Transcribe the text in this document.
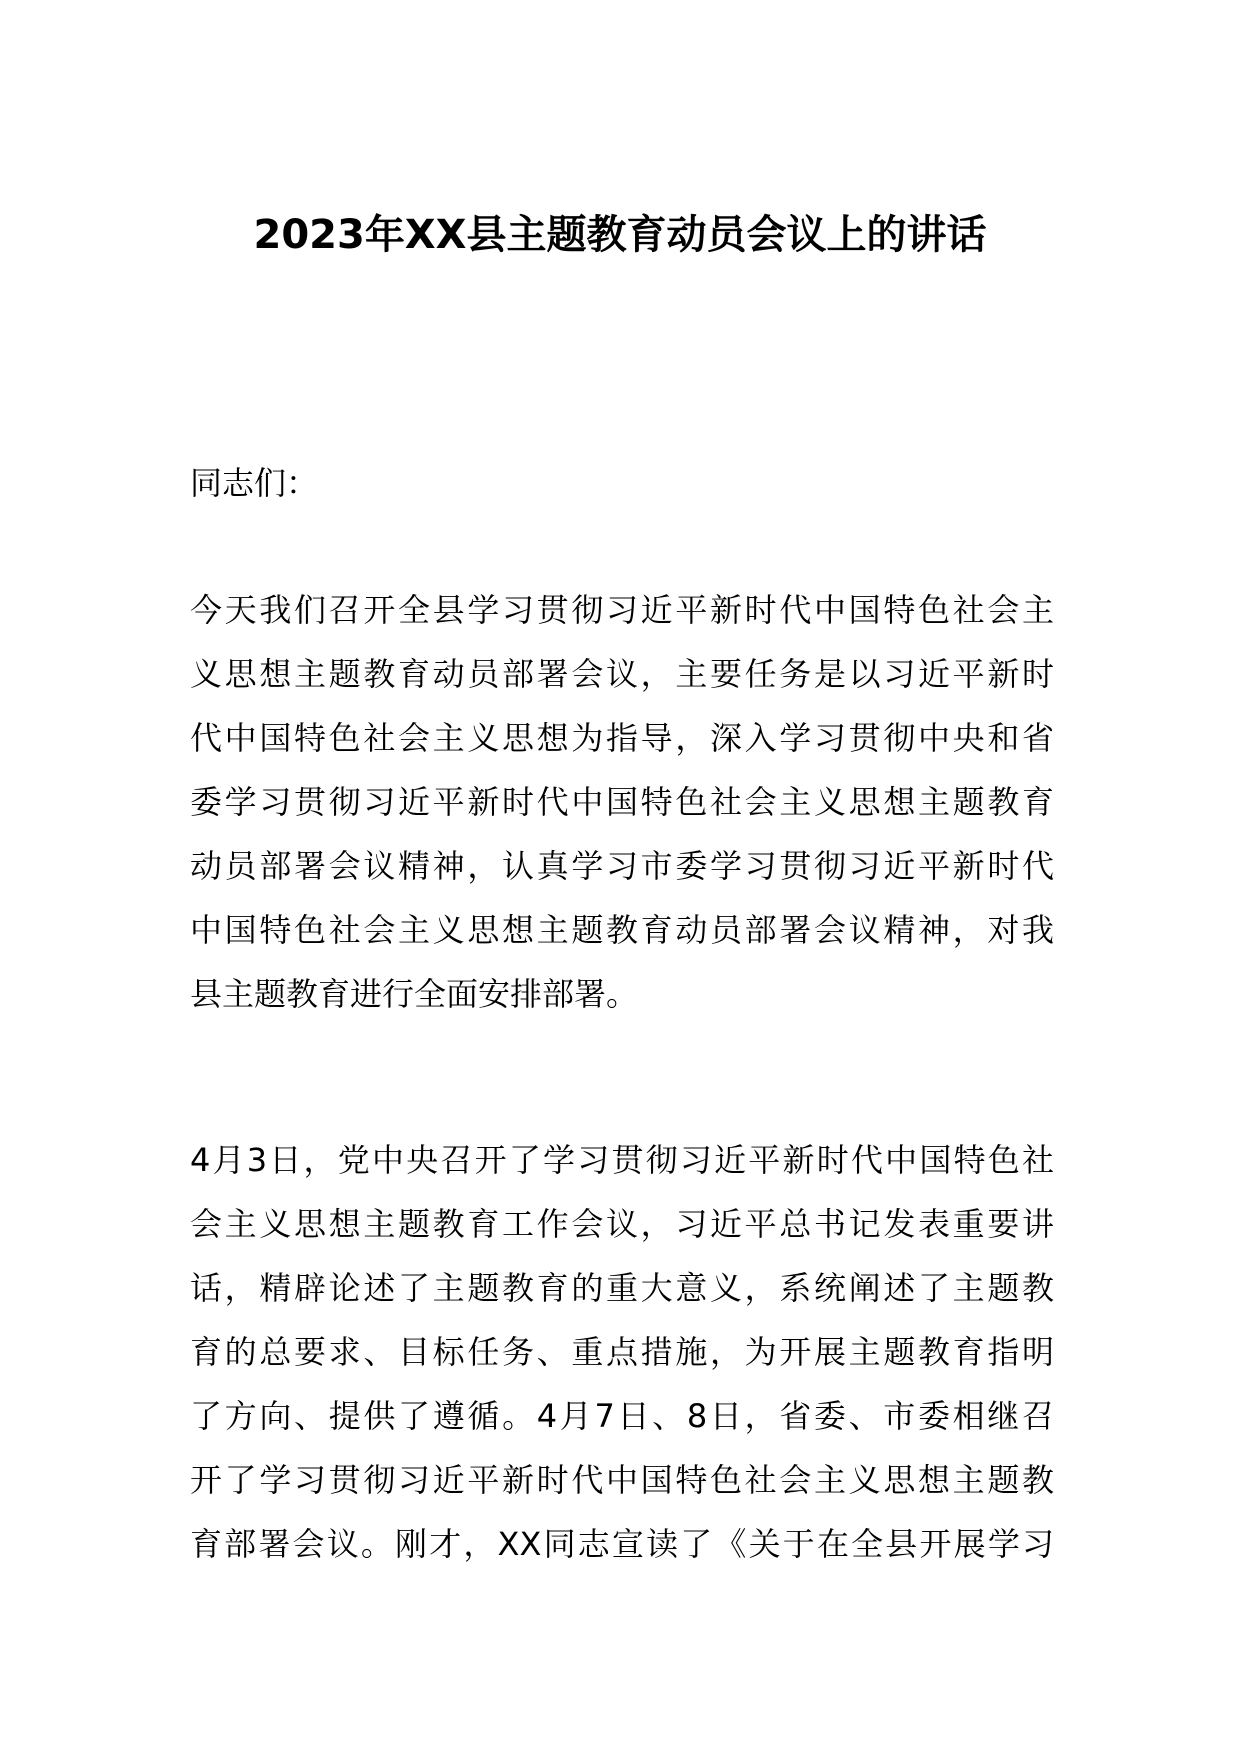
2023年XX县主题教育动员会议上的讲话
同志们：
今天我们召开全县学习贯彻习近平新时代中国特色社会主
义思想主题教育动员部署会议，主要任务是以习近平新时
代中国特色社会主义思想为指导，深入学习贯彻中央和省
委学习贯彻习近平新时代中国特色社会主义思想主题教育
动员部署会议精神，认真学习市委学习贯彻习近平新时代
中国特色社会主义思想主题教育动员部署会议精神，对我
县主题教育进行全面安排部署。
4月3日，党中央召开了学习贯彻习近平新时代中国特色社
会主义思想主题教育工作会议，习近平总书记发表重要讲
话，精辟论述了主题教育的重大意义，系统阐述了主题教
育的总要求、目标任务、重点措施，为开展主题教育指明
了方向、提供了遵循。4月7日、8日，省委、市委相继召
开了学习贯彻习近平新时代中国特色社会主义思想主题教
育部署会议。刚才，XX同志宣读了《关于在全县开展学习
